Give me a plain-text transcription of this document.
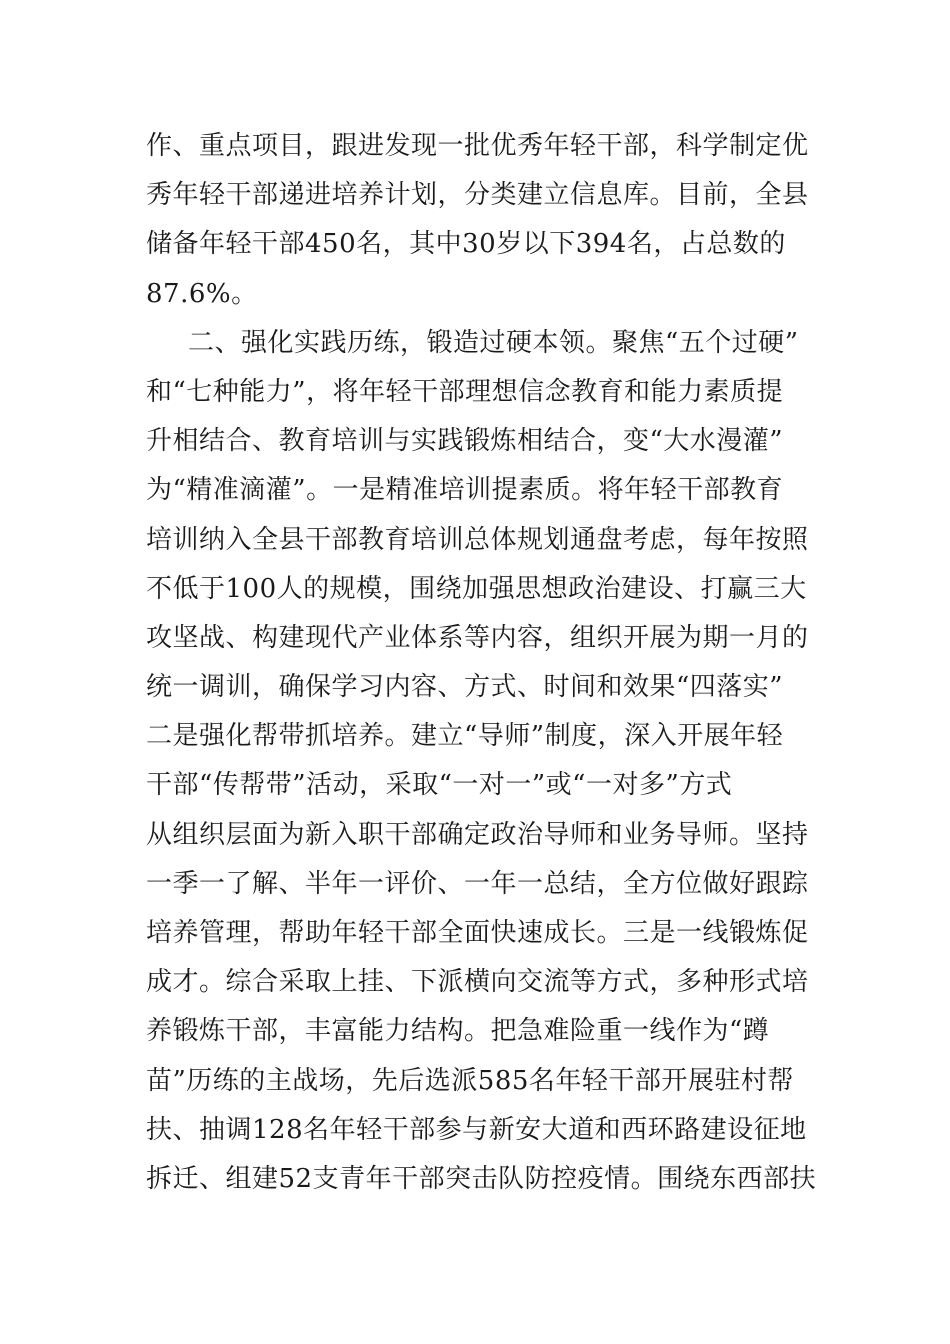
作、重点项目，跟进发现一批优秀年轻干部，科学制定优
秀年轻干部递进培养计划，分类建立信息库。目前，全县
储备年轻干部450名，其中30岁以下394名，占总数的
87.6%。
二、强化实践历练，锻造过硬本领。聚焦“五个过硬”
和“七种能力”，将年轻干部理想信念教育和能力素质提
升相结合、教育培训与实践锻炼相结合，变“大水漫灌”
为“精准滴灌”。一是精准培训提素质。将年轻干部教育
培训纳入全县干部教育培训总体规划通盘考虑，每年按照
不低于100人的规模，围绕加强思想政治建设、打赢三大
攻坚战、构建现代产业体系等内容，组织开展为期一月的
统一调训，确保学习内容、方式、时间和效果“四落实”
二是强化帮带抓培养。建立“导师”制度，深入开展年轻
干部“传帮带”活动，采取“一对一”或“一对多”方式
从组织层面为新入职干部确定政治导师和业务导师。坚持
一季一了解、半年一评价、一年一总结，全方位做好跟踪
培养管理，帮助年轻干部全面快速成长。三是一线锻炼促
成才。综合采取上挂、下派横向交流等方式，多种形式培
养锻炼干部，丰富能力结构。把急难险重一线作为“蹲
苗”历练的主战场，先后选派585名年轻干部开展驻村帮
扶、抽调128名年轻干部参与新安大道和西环路建设征地
拆迁、组建52支青年干部突击队防控疫情。围绕东西部扶
